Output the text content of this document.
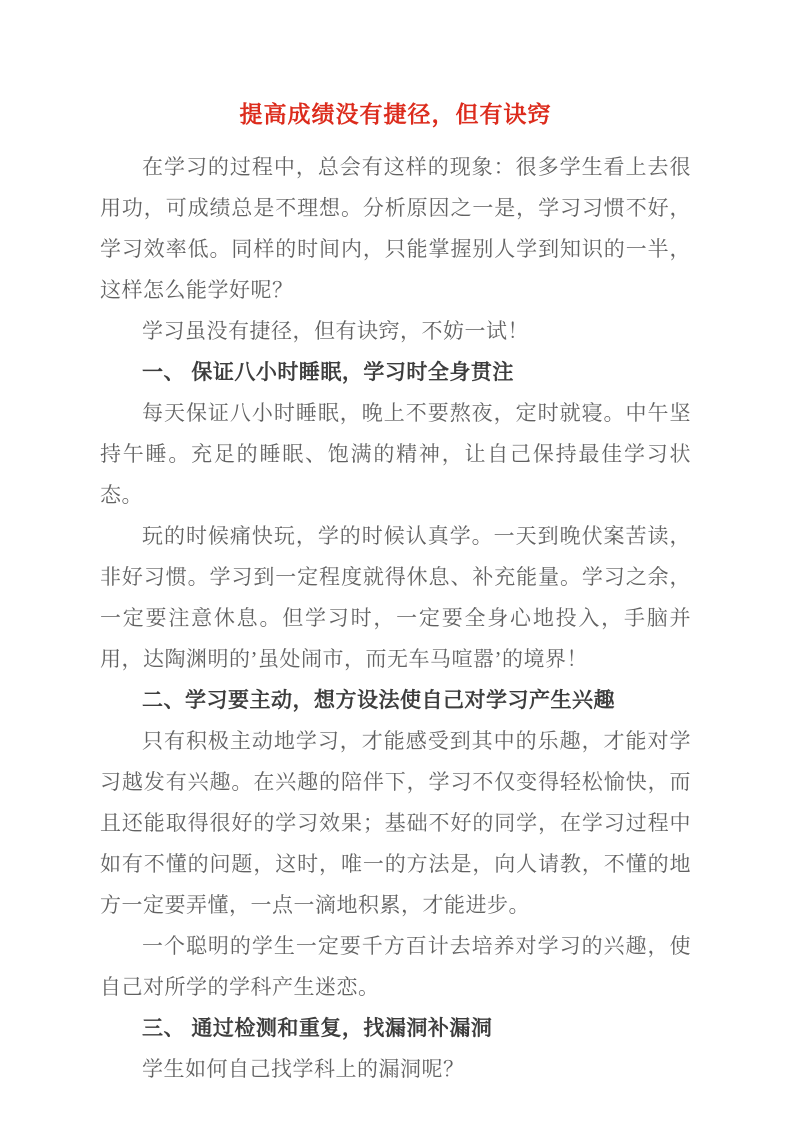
提高成绩没有捷径，但有诀窍

在学习的过程中，总会有这样的现象：很多学生看上去很用功，可成绩总是不理想。分析原因之一是，学习习惯不好，学习效率低。同样的时间内，只能掌握别人学到知识的一半，这样怎么能学好呢？

学习虽没有捷径，但有诀窍，不妨一试！

一、 保证八小时睡眠，学习时全身贯注

每天保证八小时睡眠，晚上不要熬夜，定时就寝。中午坚持午睡。充足的睡眠、饱满的精神，让自己保持最佳学习状态。

玩的时候痛快玩，学的时候认真学。一天到晚伏案苦读，非好习惯。学习到一定程度就得休息、补充能量。学习之余，一定要注意休息。但学习时，一定要全身心地投入，手脑并用，达陶渊明的’虽处闹市，而无车马喧嚣’的境界！

二、学习要主动，想方设法使自己对学习产生兴趣

只有积极主动地学习，才能感受到其中的乐趣，才能对学习越发有兴趣。在兴趣的陪伴下，学习不仅变得轻松愉快，而且还能取得很好的学习效果；基础不好的同学，在学习过程中如有不懂的问题，这时，唯一的方法是，向人请教，不懂的地方一定要弄懂，一点一滴地积累，才能进步。

一个聪明的学生一定要千方百计去培养对学习的兴趣，使自己对所学的学科产生迷恋。

三、 通过检测和重复，找漏洞补漏洞

学生如何自己找学科上的漏洞呢？
